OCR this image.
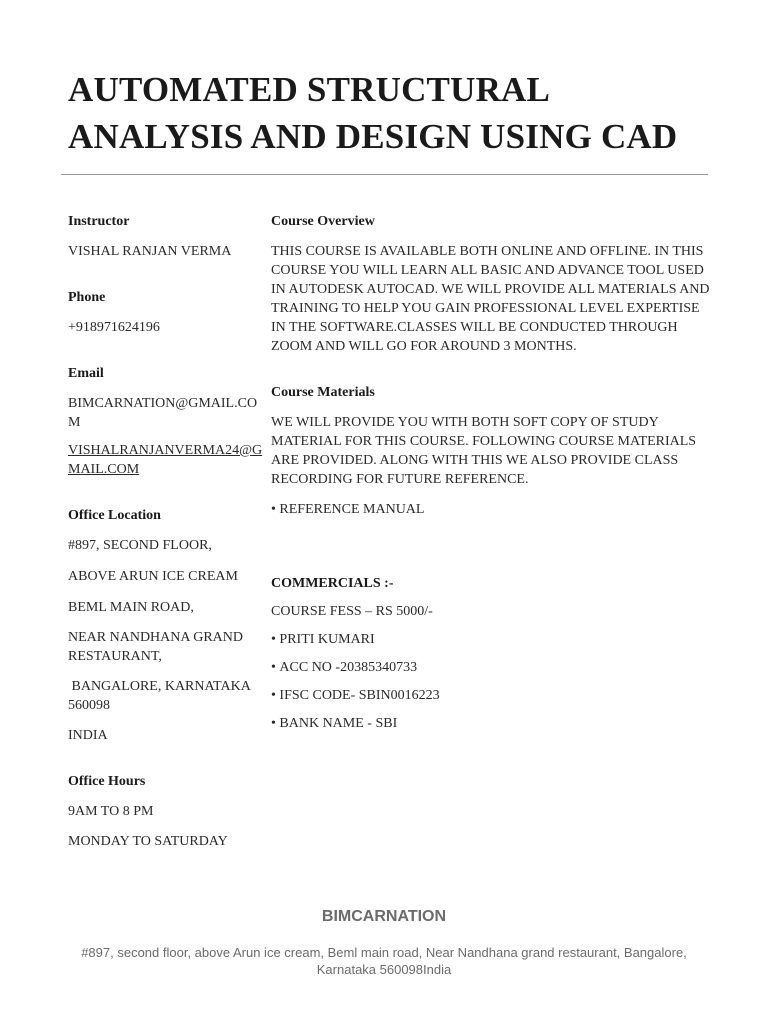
AUTOMATED STRUCTURAL
ANALYSIS AND DESIGN USING CAD

Instructor

VISHAL RANJAN VERMA

Phone

+918971624196

Email

BIMCARNATION@GMAIL.COM

VISHALRANJANVERMA24@GMAIL.COM

Office Location

#897, SECOND FLOOR,

ABOVE ARUN ICE CREAM

BEML MAIN ROAD,

NEAR NANDHANA GRAND RESTAURANT,

BANGALORE, KARNATAKA 560098

INDIA

Office Hours

9AM TO 8 PM

MONDAY TO SATURDAY

Course Overview

THIS COURSE IS AVAILABLE BOTH ONLINE AND OFFLINE. IN THIS COURSE YOU WILL LEARN ALL BASIC AND ADVANCE TOOL USED IN AUTODESK AUTOCAD. WE WILL PROVIDE ALL MATERIALS AND TRAINING TO HELP YOU GAIN PROFESSIONAL LEVEL EXPERTISE IN THE SOFTWARE.CLASSES WILL BE CONDUCTED THROUGH ZOOM AND WILL GO FOR AROUND 3 MONTHS.

Course Materials

WE WILL PROVIDE YOU WITH BOTH SOFT COPY OF STUDY MATERIAL FOR THIS COURSE. FOLLOWING COURSE MATERIALS ARE PROVIDED. ALONG WITH THIS WE ALSO PROVIDE CLASS RECORDING FOR FUTURE REFERENCE.

• REFERENCE MANUAL

COMMERCIALS :-

COURSE FESS – RS 5000/-

• PRITI KUMARI

• ACC NO -20385340733

• IFSC CODE- SBIN0016223

• BANK NAME - SBI

BIMCARNATION
#897, second floor, above Arun ice cream, Beml main road, Near Nandhana grand restaurant, Bangalore, Karnataka 560098India
